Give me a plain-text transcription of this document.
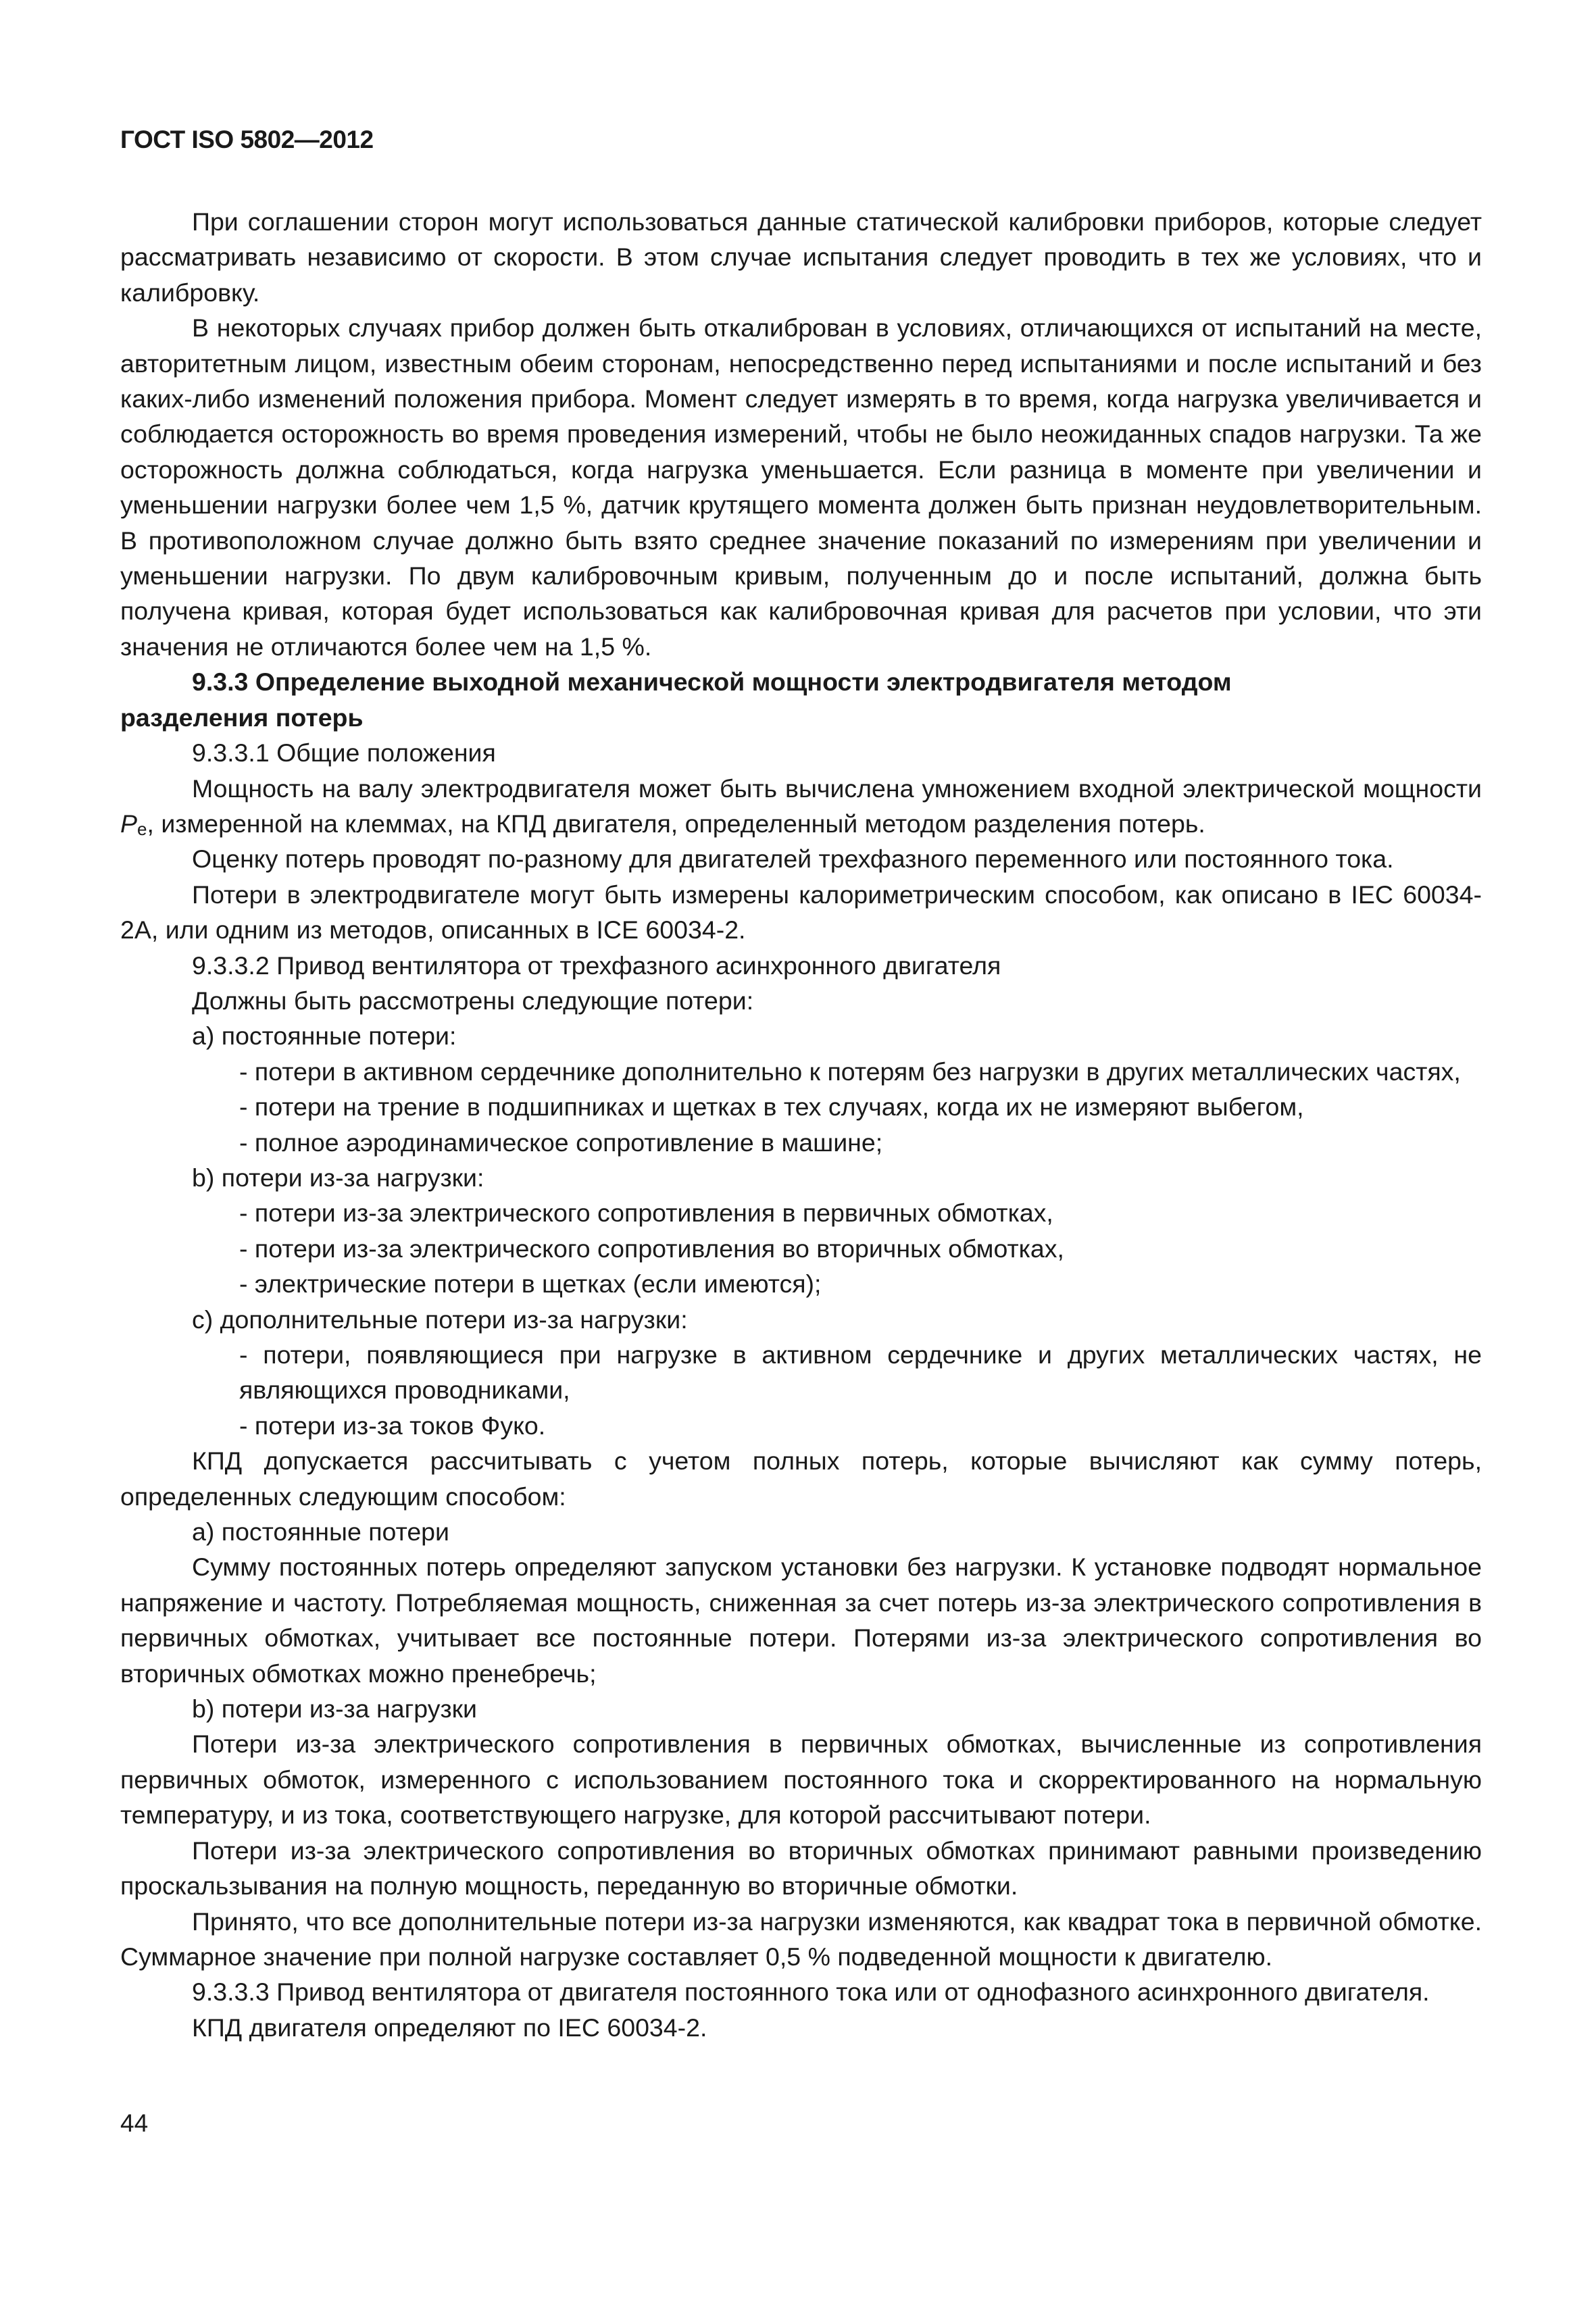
ГОСТ ISO 5802—2012

При соглашении сторон могут использоваться данные статической калибровки приборов, которые следует рассматривать независимо от скорости. В этом случае испытания следует проводить в тех же условиях, что и калибровку.

В некоторых случаях прибор должен быть откалиброван в условиях, отличающихся от испытаний на месте, авторитетным лицом, известным обеим сторонам, непосредственно перед испытаниями и после испытаний и без каких-либо изменений положения прибора. Момент следует измерять в то время, когда нагрузка увеличивается и соблюдается осторожность во время проведения измерений, чтобы не было неожиданных спадов нагрузки. Та же осторожность должна соблюдаться, когда нагрузка уменьшается. Если разница в моменте при увеличении и уменьшении нагрузки более чем 1,5 %, датчик крутящего момента должен быть признан неудовлетворительным. В противоположном случае должно быть взято среднее значение показаний по измерениям при увеличении и уменьшении нагрузки. По двум калибровочным кривым, полученным до и после испытаний, должна быть получена кривая, которая будет использоваться как калибровочная кривая для расчетов при условии, что эти значения не отличаются более чем на 1,5 %.

9.3.3 Определение выходной механической мощности электродвигателя методом
разделения потерь

9.3.3.1 Общие положения

Мощность на валу электродвигателя может быть вычислена умножением входной электрической мощности $P_e$, измеренной на клеммах, на КПД двигателя, определенный методом разделения потерь.

Оценку потерь проводят по-разному для двигателей трехфазного переменного или постоянного тока.

Потери в электродвигателе могут быть измерены калориметрическим способом, как описано в IEC 60034-2A, или одним из методов, описанных в ICE 60034-2.

9.3.3.2 Привод вентилятора от трехфазного асинхронного двигателя

Должны быть рассмотрены следующие потери:

a) постоянные потери:

- потери в активном сердечнике дополнительно к потерям без нагрузки в других металлических частях,

- потери на трение в подшипниках и щетках в тех случаях, когда их не измеряют выбегом,

- полное аэродинамическое сопротивление в машине;

b) потери из-за нагрузки:

- потери из-за электрического сопротивления в первичных обмотках,

- потери из-за электрического сопротивления во вторичных обмотках,

- электрические потери в щетках (если имеются);

c) дополнительные потери из-за нагрузки:

- потери, появляющиеся при нагрузке в активном сердечнике и других металлических частях, не являющихся проводниками,

- потери из-за токов Фуко.

КПД допускается рассчитывать с учетом полных потерь, которые вычисляют как сумму потерь, определенных следующим способом:

a) постоянные потери

Сумму постоянных потерь определяют запуском установки без нагрузки. К установке подводят нормальное напряжение и частоту. Потребляемая мощность, сниженная за счет потерь из-за электрического сопротивления в первичных обмотках, учитывает все постоянные потери. Потерями из-за электрического сопротивления во вторичных обмотках можно пренебречь;

b) потери из-за нагрузки

Потери из-за электрического сопротивления в первичных обмотках, вычисленные из сопротивления первичных обмоток, измеренного с использованием постоянного тока и скорректированного на нормальную температуру, и из тока, соответствующего нагрузке, для которой рассчитывают потери.

Потери из-за электрического сопротивления во вторичных обмотках принимают равными произведению проскальзывания на полную мощность, переданную во вторичные обмотки.

Принято, что все дополнительные потери из-за нагрузки изменяются, как квадрат тока в первичной обмотке. Суммарное значение при полной нагрузке составляет 0,5 % подведенной мощности к двигателю.

9.3.3.3 Привод вентилятора от двигателя постоянного тока или от однофазного асинхронного двигателя.

КПД двигателя определяют по IEC 60034-2.

44
